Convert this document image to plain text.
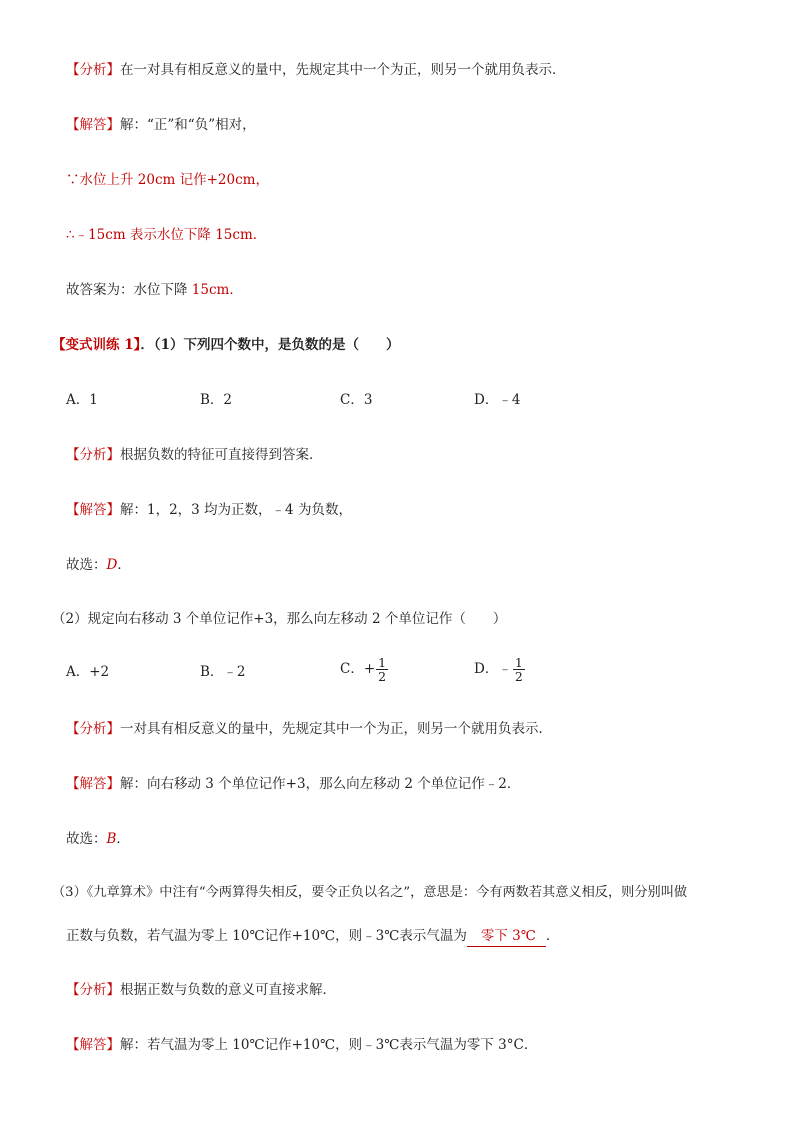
【分析】在一对具有相反意义的量中，先规定其中一个为正，则另一个就用负表示．
【解答】解：“正”和“负”相对，
∵水位上升 20cm 记作+20cm，
∴﹣15cm 表示水位下降 15cm．
故答案为：水位下降 15cm．
【变式训练 1】．（1）下列四个数中，是负数的是（　　）
A．1	B．2	C．3	D．﹣4
【分析】根据负数的特征可直接得到答案．
【解答】解：1，2，3 均为正数，﹣4 为负数，
故选：D．
（2）规定向右移动 3 个单位记作+3，那么向左移动 2 个单位记作（　　）
A．+2	B．﹣2	C．+ $\frac{1}{2}$	D．﹣ $\frac{1}{2}$
【分析】一对具有相反意义的量中，先规定其中一个为正，则另一个就用负表示．
【解答】解：向右移动 3 个单位记作+3，那么向左移动 2 个单位记作﹣2．
故选：B．
（3）《九章算术》中注有“今两算得失相反，要令正负以名之”，意思是：今有两数若其意义相反，则分别叫做
正数与负数，若气温为零上 10℃记作+10℃，则﹣3℃表示气温为 零下 3℃ ．
【分析】根据正数与负数的意义可直接求解．
【解答】解：若气温为零上 10℃记作+10℃，则﹣3℃表示气温为零下 3°C．
